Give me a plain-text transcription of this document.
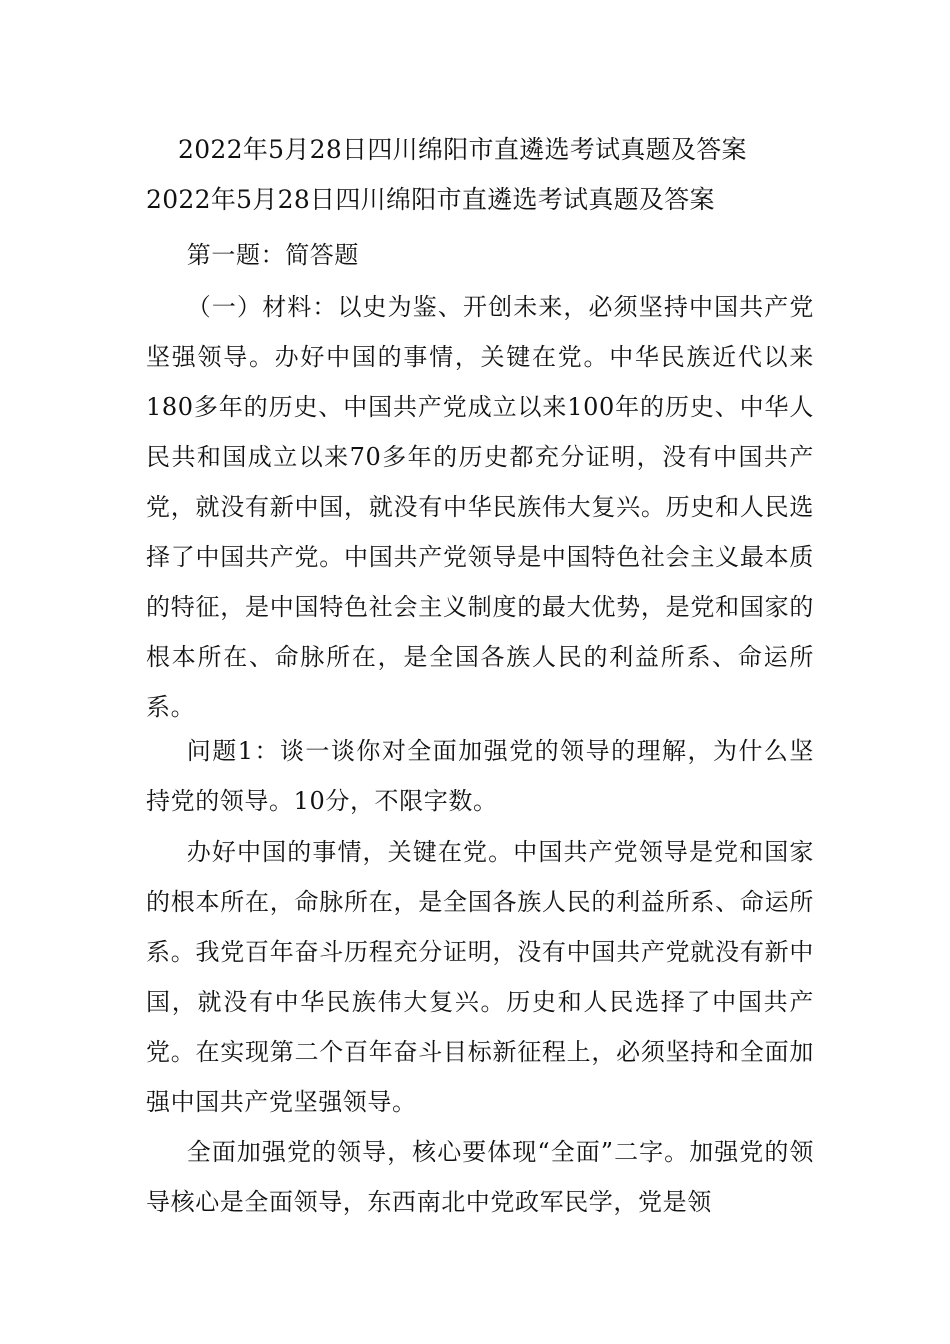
2022年5月28日四川绵阳市直遴选考试真题及答案
2022年5月28日四川绵阳市直遴选考试真题及答案

第一题：简答题

（一）材料：以史为鉴、开创未来，必须坚持中国共产党坚强领导。办好中国的事情，关键在党。中华民族近代以来180多年的历史、中国共产党成立以来100年的历史、中华人民共和国成立以来70多年的历史都充分证明，没有中国共产党，就没有新中国，就没有中华民族伟大复兴。历史和人民选择了中国共产党。中国共产党领导是中国特色社会主义最本质的特征，是中国特色社会主义制度的最大优势，是党和国家的根本所在、命脉所在，是全国各族人民的利益所系、命运所系。

问题1：谈一谈你对全面加强党的领导的理解，为什么坚持党的领导。10分，不限字数。

办好中国的事情，关键在党。中国共产党领导是党和国家的根本所在，命脉所在，是全国各族人民的利益所系、命运所系。我党百年奋斗历程充分证明，没有中国共产党就没有新中国，就没有中华民族伟大复兴。历史和人民选择了中国共产党。在实现第二个百年奋斗目标新征程上，必须坚持和全面加强中国共产党坚强领导。

全面加强党的领导，核心要体现“全面”二字。加强党的领导核心是全面领导，东西南北中党政军民学，党是领
